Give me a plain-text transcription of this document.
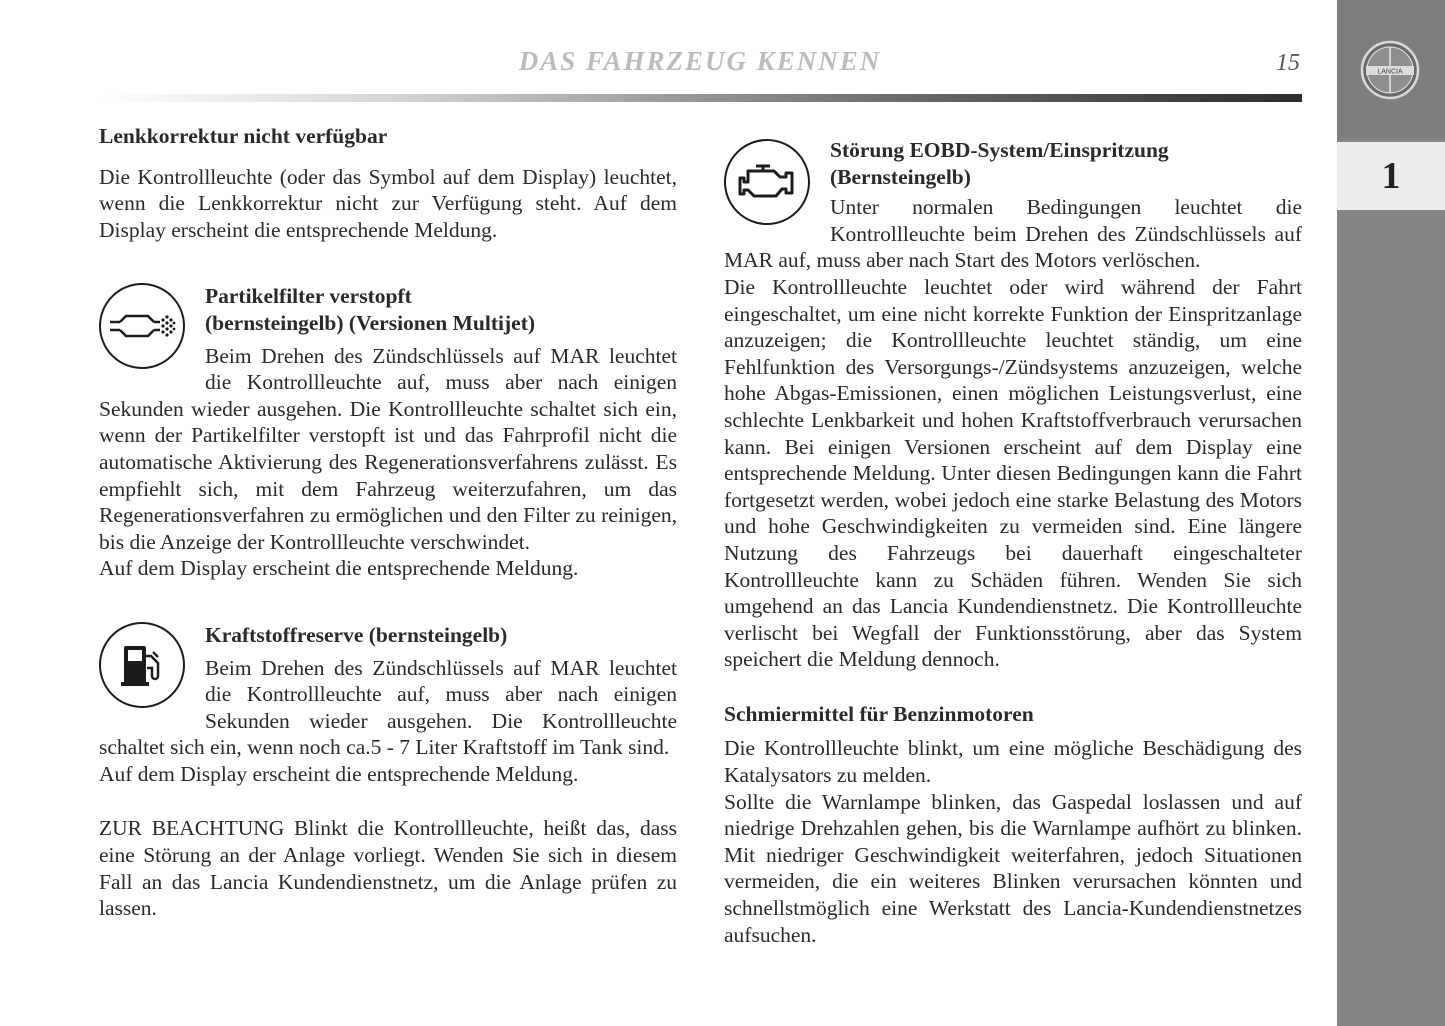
DAS FAHRZEUG KENNEN	15	LANCIA
1

Lenkkorrektur nicht verfügbar

Die Kontrollleuchte (oder das Symbol auf dem Display) leuchtet, wenn die Lenkkorrektur nicht zur Verfügung steht. Auf dem Display erscheint die entsprechende Meldung.

Partikelfilter verstopft

(bernsteingelb) (Versionen Multijet)

Beim Drehen des Zündschlüssels auf MAR leuchtet die Kontrollleuchte auf, muss aber nach einigen Sekunden wieder ausgehen. Die Kontrollleuchte schaltet sich ein, wenn der Partikelfilter verstopft ist und das Fahrprofil nicht die automatische Aktivierung des Regenerationsverfahrens zulässt. Es empfiehlt sich, mit dem Fahrzeug weiterzufahren, um das Regenerationsverfahren zu ermöglichen und den Filter zu reinigen, bis die Anzeige der Kontrollleuchte verschwindet.

Auf dem Display erscheint die entsprechende Meldung.

Kraftstoffreserve (bernsteingelb)

Beim Drehen des Zündschlüssels auf MAR leuchtet die Kontrollleuchte auf, muss aber nach einigen Sekunden wieder ausgehen. Die Kontrollleuchte schaltet sich ein, wenn noch ca.5 - 7 Liter Kraftstoff im Tank sind.

Auf dem Display erscheint die entsprechende Meldung.

ZUR BEACHTUNG Blinkt die Kontrollleuchte, heißt das, dass eine Störung an der Anlage vorliegt. Wenden Sie sich in diesem Fall an das Lancia Kundendienstnetz, um die Anlage prüfen zu lassen.

Störung EOBD-System/Einspritzung

(Bernsteingelb)

Unter normalen Bedingungen leuchtet die Kontrollleuchte beim Drehen des Zündschlüssels auf MAR auf, muss aber nach Start des Motors verlöschen.

Die Kontrollleuchte leuchtet oder wird während der Fahrt eingeschaltet, um eine nicht korrekte Funktion der Einspritzanlage anzuzeigen; die Kontrollleuchte leuchtet ständig, um eine Fehlfunktion des Versorgungs-/Zündsystems anzuzeigen, welche hohe Abgas-Emissionen, einen möglichen Leistungsverlust, eine schlechte Lenkbarkeit und hohen Kraftstoffverbrauch verursachen kann. Bei einigen Versionen erscheint auf dem Display eine entsprechende Meldung. Unter diesen Bedingungen kann die Fahrt fortgesetzt werden, wobei jedoch eine starke Belastung des Motors und hohe Geschwindigkeiten zu vermeiden sind. Eine längere Nutzung des Fahrzeugs bei dauerhaft eingeschalteter Kontrollleuchte kann zu Schäden führen. Wenden Sie sich umgehend an das Lancia Kundendienstnetz. Die Kontrollleuchte verlischt bei Wegfall der Funktionsstörung, aber das System speichert die Meldung dennoch.

Schmiermittel für Benzinmotoren

Die Kontrollleuchte blinkt, um eine mögliche Beschädigung des Katalysators zu melden.

Sollte die Warnlampe blinken, das Gaspedal loslassen und auf niedrige Drehzahlen gehen, bis die Warnlampe aufhört zu blinken. Mit niedriger Geschwindigkeit weiterfahren, jedoch Situationen vermeiden, die ein weiteres Blinken verursachen könnten und schnellstmöglich eine Werkstatt des Lancia-Kundendienstnetzes aufsuchen.
